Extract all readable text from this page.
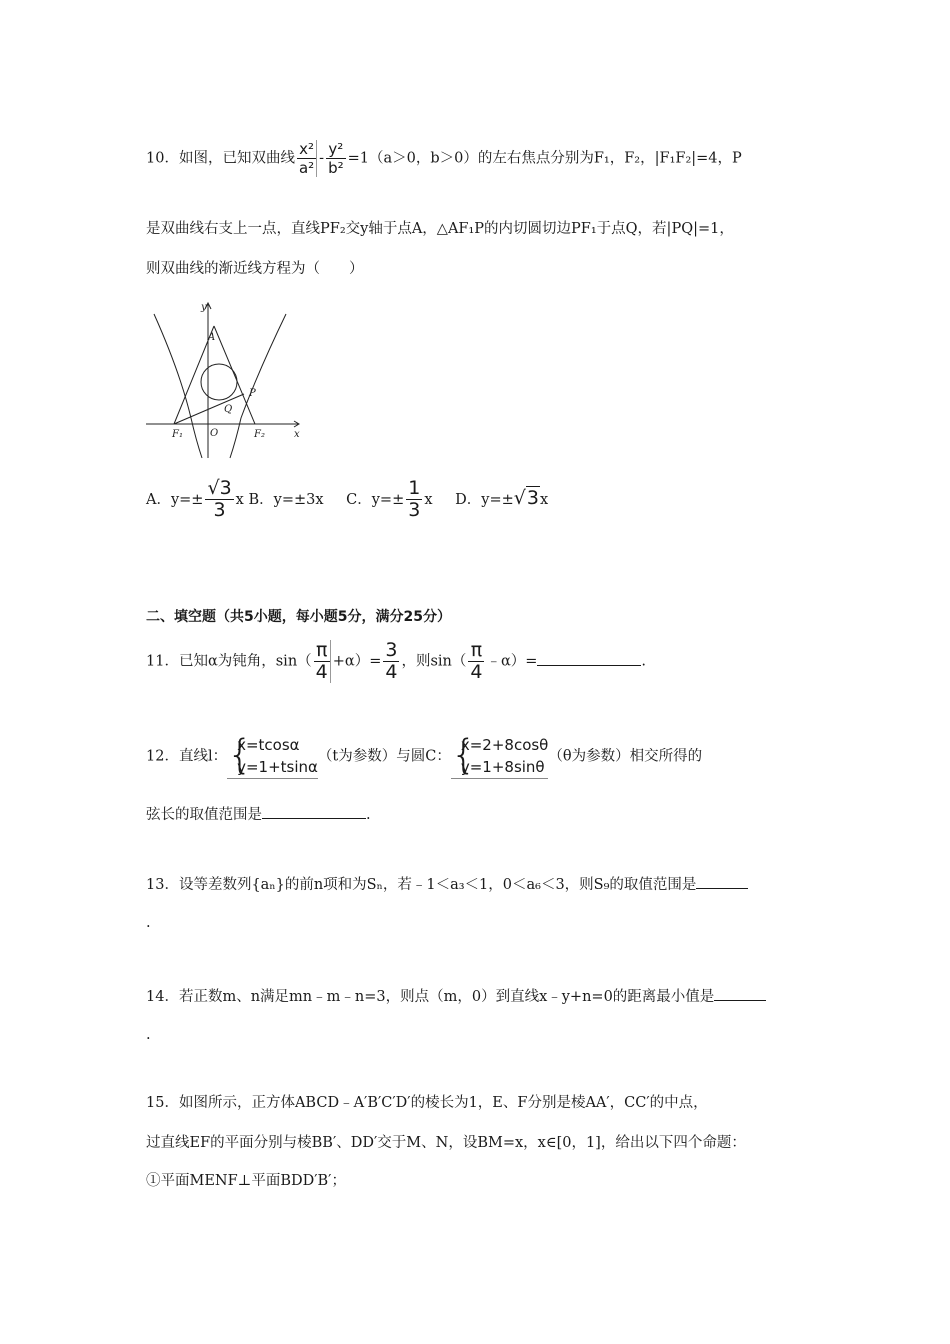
10．如图，已知双曲线 $\frac{\text{x²}}{\text{a²}} - \frac{\text{y²}}{\text{b²}} =1(a>0$，b＞0）的左右焦点分别为F₁，F₂，|F₁F₂|=4，P
是双曲线右支上一点，直线PF₂交y轴于点A，△AF₁P的内切圆切边PF₁于点Q，若|PQ|=1，
则双曲线的渐近线方程为（　　）
y
A
P
Q
O
F₁	F₂	x
A．$y=\pm \frac{√3}{3}$ x B．y=±3x C．$y=\pm \frac{1}{3}$ x D．y=±√3x
二、填空题（共5小题，每小题5分，满分25分）
11．已知α为钝角，$\sin( \frac{\pi}{4} +\alpha)= \frac{3}{4}$ ，则$\sin( \frac{\pi}{4}$ ﹣α）=	.
12．直线l： {
x=tcosα
y=1+tsinα
（t为参数）与圆C： {
x=2+8cosθ
y=1+8sinθ
（θ为参数）相交所得的
弦长的取值范围是	.
13．设等差数列{aₙ}的前n项和为Sₙ，若﹣1＜a₃＜1，0＜a₆＜3，则S₉的取值范围是
.
14．若正数m、n满足mn﹣m﹣n=3，则点（m，0）到直线x﹣y+n=0的距离最小值是
.
15．如图所示，正方体ABCD﹣A′B′C′D′的棱长为1，E、F分别是棱AA′，CC′的中点，
过直线EF的平面分别与棱BB′、DD′交于M、N，设BM=x，x∈[0，1]，给出以下四个命题：
①平面MENF⊥平面BDD′B′；
